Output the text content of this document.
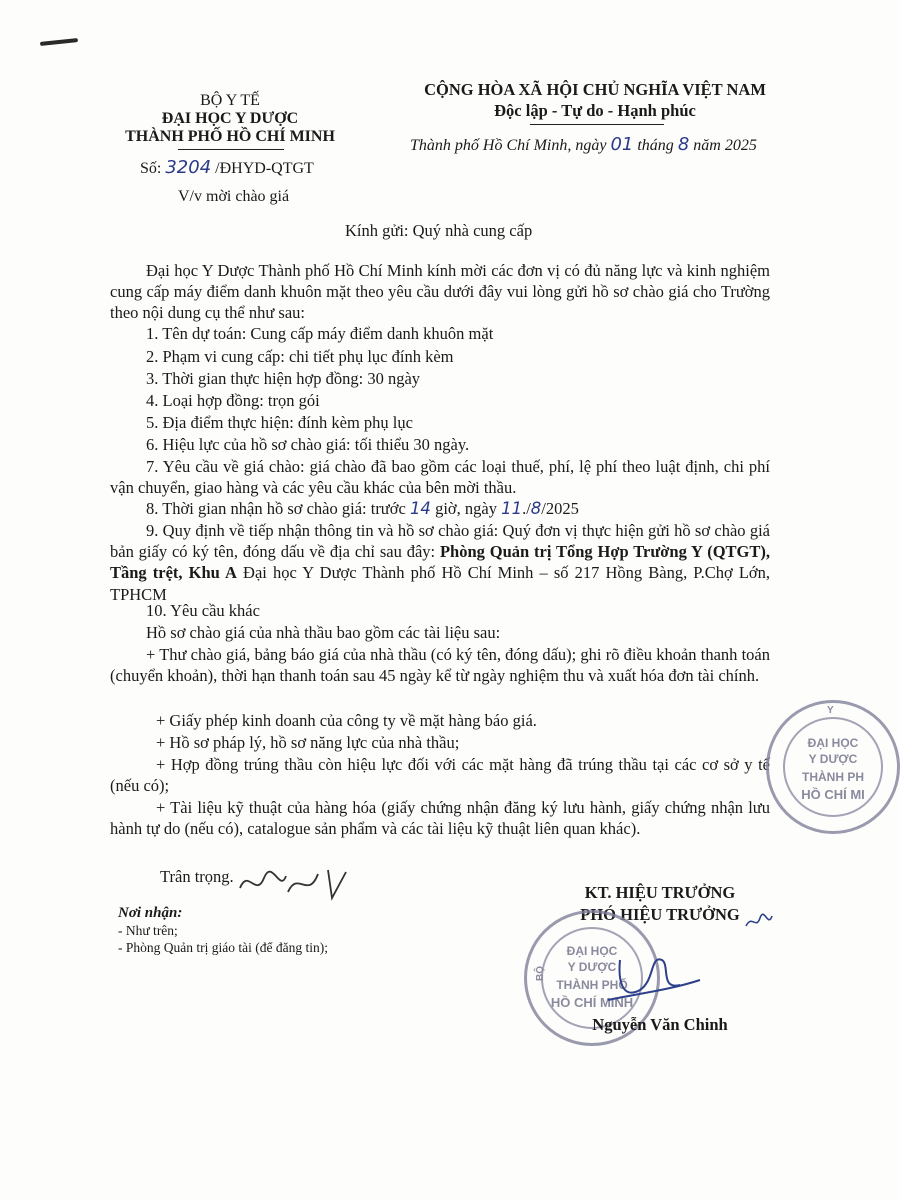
BỘ Y TẾ
ĐẠI HỌC Y DƯỢC
THÀNH PHỐ HỒ CHÍ MINH
Số: 3204 /ĐHYD-QTGT
V/v mời chào giá
CỘNG HÒA XÃ HỘI CHỦ NGHĨA VIỆT NAM
Độc lập - Tự do - Hạnh phúc
Thành phố Hồ Chí Minh, ngày 01 tháng 8 năm 2025
Kính gửi: Quý nhà cung cấp
Đại học Y Dược Thành phố Hồ Chí Minh kính mời các đơn vị có đủ năng lực và kinh nghiệm cung cấp máy điểm danh khuôn mặt theo yêu cầu dưới đây vui lòng gửi hồ sơ chào giá cho Trường theo nội dung cụ thể như sau:
1. Tên dự toán: Cung cấp máy điểm danh khuôn mặt
2. Phạm vi cung cấp: chi tiết phụ lục đính kèm
3. Thời gian thực hiện hợp đồng: 30 ngày
4. Loại hợp đồng: trọn gói
5. Địa điểm thực hiện: đính kèm phụ lục
6. Hiệu lực của hồ sơ chào giá: tối thiểu 30 ngày.
7. Yêu cầu về giá chào: giá chào đã bao gồm các loại thuế, phí, lệ phí theo luật định, chi phí vận chuyển, giao hàng và các yêu cầu khác của bên mời thầu.
8. Thời gian nhận hồ sơ chào giá: trước 14 giờ, ngày 11./8/2025
9. Quy định về tiếp nhận thông tin và hồ sơ chào giá: Quý đơn vị thực hiện gửi hồ sơ chào giá bản giấy có ký tên, đóng dấu về địa chỉ sau đây: Phòng Quản trị Tổng Hợp Trường Y (QTGT), Tầng trệt, Khu A Đại học Y Dược Thành phố Hồ Chí Minh – số 217 Hồng Bàng, P.Chợ Lớn, TPHCM
10. Yêu cầu khác
Hồ sơ chào giá của nhà thầu bao gồm các tài liệu sau:
+ Thư chào giá, bảng báo giá của nhà thầu (có ký tên, đóng dấu); ghi rõ điều khoản thanh toán (chuyển khoản), thời hạn thanh toán sau 45 ngày kể từ ngày nghiệm thu và xuất hóa đơn tài chính.
+ Giấy phép kinh doanh của công ty về mặt hàng báo giá.
+ Hồ sơ pháp lý, hồ sơ năng lực của nhà thầu;
+ Hợp đồng trúng thầu còn hiệu lực đối với các mặt hàng đã trúng thầu tại các cơ sở y tế (nếu có);
+ Tài liệu kỹ thuật của hàng hóa (giấy chứng nhận đăng ký lưu hành, giấy chứng nhận lưu hành tự do (nếu có), catalogue sản phẩm và các tài liệu kỹ thuật liên quan khác).
Trân trọng.
Nơi nhận:
- Như trên;
- Phòng Quản trị giáo tài (để đăng tin);
KT. HIỆU TRƯỞNG
PHÓ HIỆU TRƯỞNG
ĐẠI HỌC
Y DƯỢC
THÀNH PHỐ
HỒ CHÍ MINH
BỘ
Nguyễn Văn Chinh
Y
ĐẠI HỌC
Y DƯỢC
THÀNH PH
HỒ CHÍ MI
